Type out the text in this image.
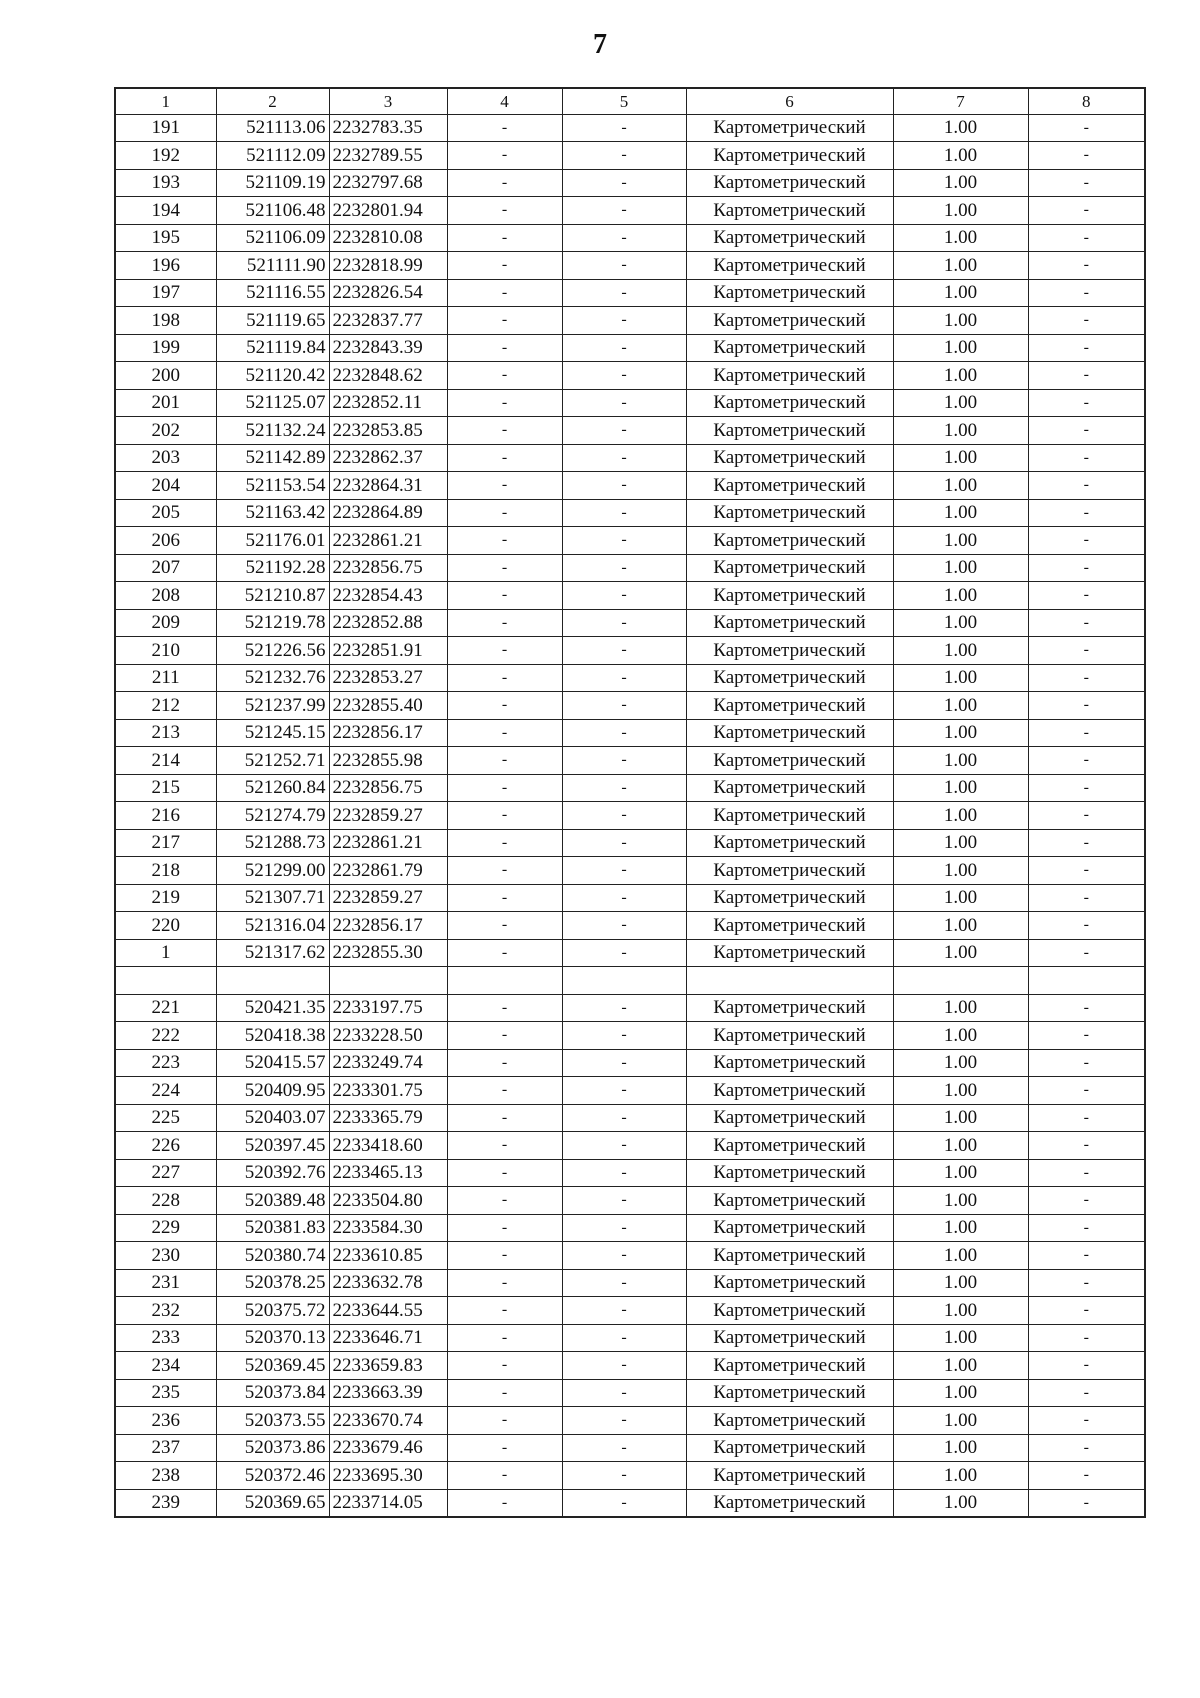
7
1	2	3	4	5	6	7	8
191	521113.06	2232783.35	-	-	Картометрический	1.00	-
192	521112.09	2232789.55	-	-	Картометрический	1.00	-
193	521109.19	2232797.68	-	-	Картометрический	1.00	-
194	521106.48	2232801.94	-	-	Картометрический	1.00	-
195	521106.09	2232810.08	-	-	Картометрический	1.00	-
196	521111.90	2232818.99	-	-	Картометрический	1.00	-
197	521116.55	2232826.54	-	-	Картометрический	1.00	-
198	521119.65	2232837.77	-	-	Картометрический	1.00	-
199	521119.84	2232843.39	-	-	Картометрический	1.00	-
200	521120.42	2232848.62	-	-	Картометрический	1.00	-
201	521125.07	2232852.11	-	-	Картометрический	1.00	-
202	521132.24	2232853.85	-	-	Картометрический	1.00	-
203	521142.89	2232862.37	-	-	Картометрический	1.00	-
204	521153.54	2232864.31	-	-	Картометрический	1.00	-
205	521163.42	2232864.89	-	-	Картометрический	1.00	-
206	521176.01	2232861.21	-	-	Картометрический	1.00	-
207	521192.28	2232856.75	-	-	Картометрический	1.00	-
208	521210.87	2232854.43	-	-	Картометрический	1.00	-
209	521219.78	2232852.88	-	-	Картометрический	1.00	-
210	521226.56	2232851.91	-	-	Картометрический	1.00	-
211	521232.76	2232853.27	-	-	Картометрический	1.00	-
212	521237.99	2232855.40	-	-	Картометрический	1.00	-
213	521245.15	2232856.17	-	-	Картометрический	1.00	-
214	521252.71	2232855.98	-	-	Картометрический	1.00	-
215	521260.84	2232856.75	-	-	Картометрический	1.00	-
216	521274.79	2232859.27	-	-	Картометрический	1.00	-
217	521288.73	2232861.21	-	-	Картометрический	1.00	-
218	521299.00	2232861.79	-	-	Картометрический	1.00	-
219	521307.71	2232859.27	-	-	Картометрический	1.00	-
220	521316.04	2232856.17	-	-	Картометрический	1.00	-
1	521317.62	2232855.30	-	-	Картометрический	1.00	-

221	520421.35	2233197.75	-	-	Картометрический	1.00	-
222	520418.38	2233228.50	-	-	Картометрический	1.00	-
223	520415.57	2233249.74	-	-	Картометрический	1.00	-
224	520409.95	2233301.75	-	-	Картометрический	1.00	-
225	520403.07	2233365.79	-	-	Картометрический	1.00	-
226	520397.45	2233418.60	-	-	Картометрический	1.00	-
227	520392.76	2233465.13	-	-	Картометрический	1.00	-
228	520389.48	2233504.80	-	-	Картометрический	1.00	-
229	520381.83	2233584.30	-	-	Картометрический	1.00	-
230	520380.74	2233610.85	-	-	Картометрический	1.00	-
231	520378.25	2233632.78	-	-	Картометрический	1.00	-
232	520375.72	2233644.55	-	-	Картометрический	1.00	-
233	520370.13	2233646.71	-	-	Картометрический	1.00	-
234	520369.45	2233659.83	-	-	Картометрический	1.00	-
235	520373.84	2233663.39	-	-	Картометрический	1.00	-
236	520373.55	2233670.74	-	-	Картометрический	1.00	-
237	520373.86	2233679.46	-	-	Картометрический	1.00	-
238	520372.46	2233695.30	-	-	Картометрический	1.00	-
239	520369.65	2233714.05	-	-	Картометрический	1.00	-
